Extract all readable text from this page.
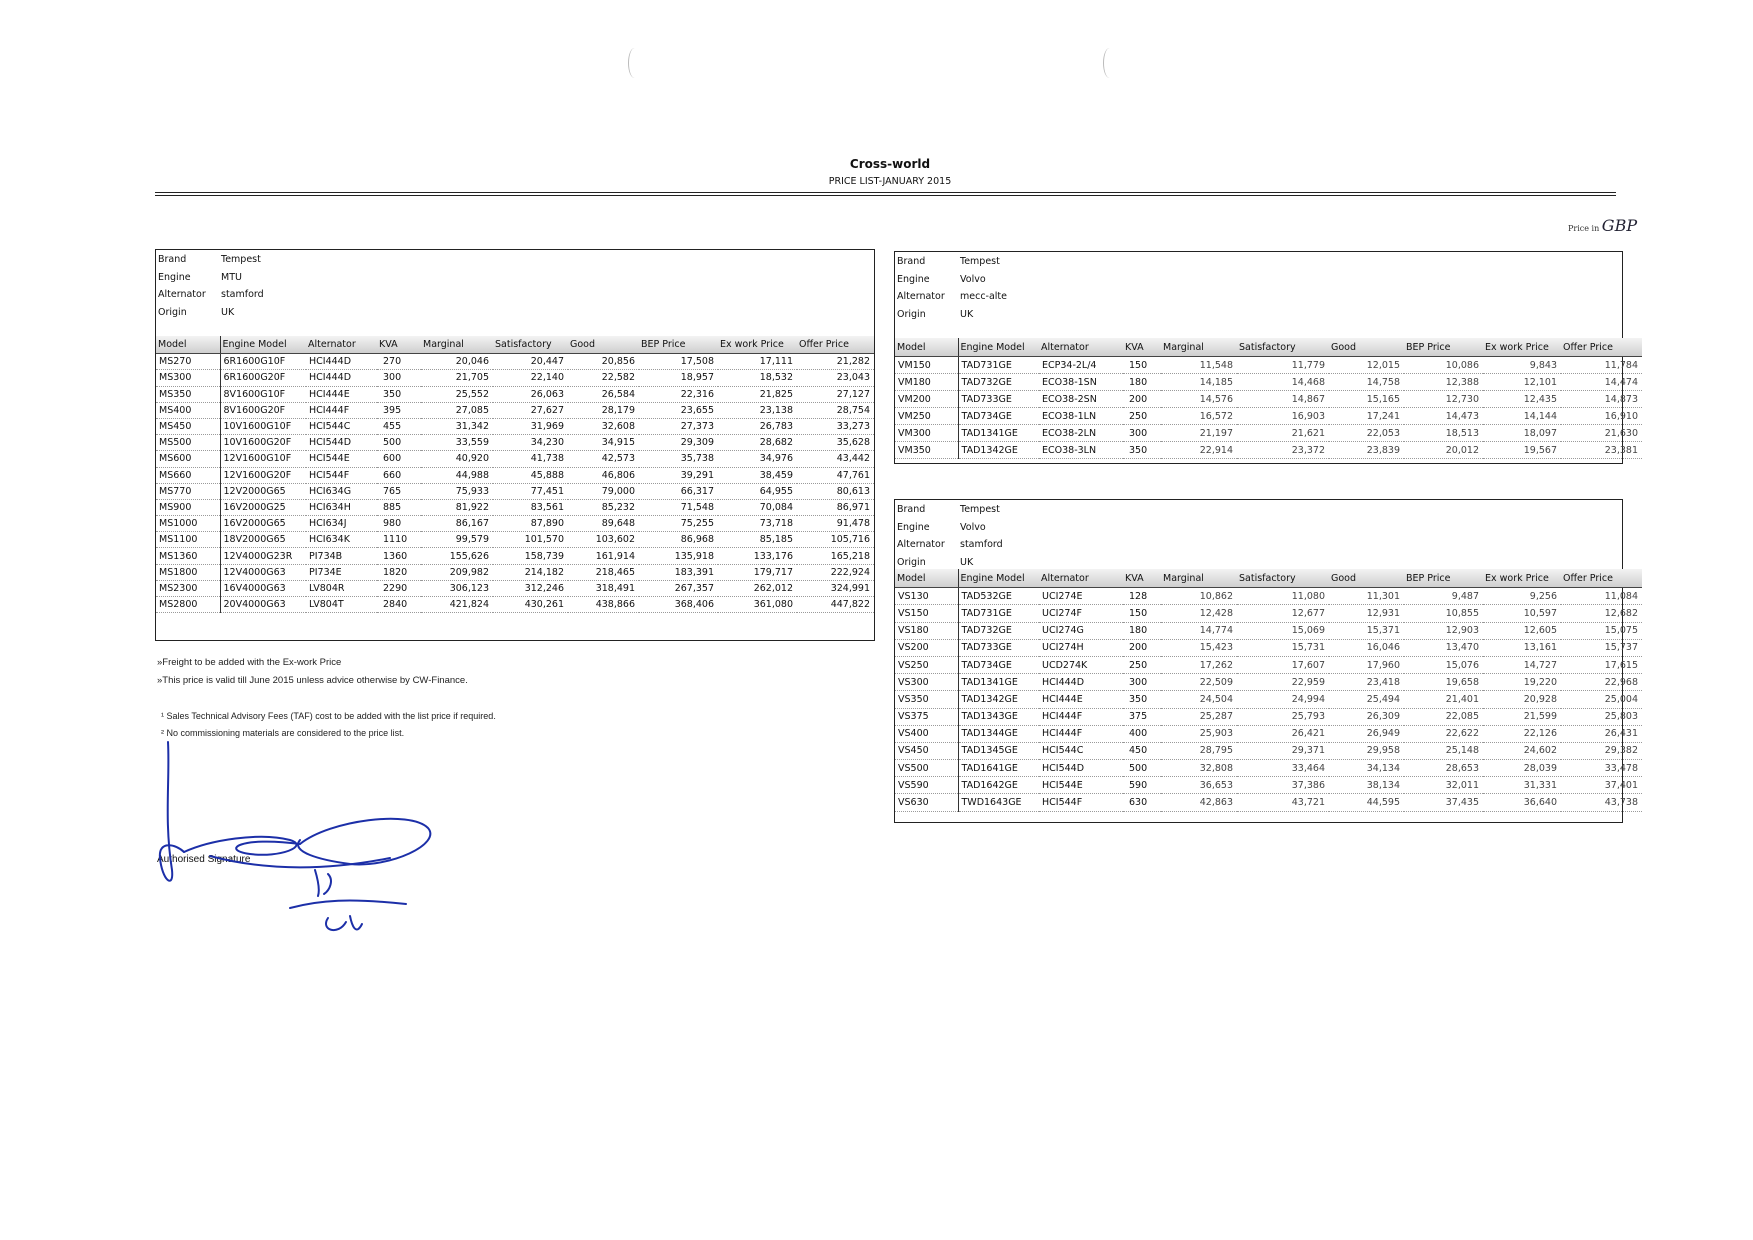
Cross-world
PRICE LIST-JANUARY 2015
Price in GBP
Brand	Tempest
Engine	MTU
Alternator	stamford
Origin	UK
Model	Engine Model	Alternator	KVA	Marginal	Satisfactory	Good	BEP Price	Ex work Price	Offer Price
MS270	6R1600G10F	HCI444D	270	20,046	20,447	20,856	17,508	17,111	21,282
MS300	6R1600G20F	HCI444D	300	21,705	22,140	22,582	18,957	18,532	23,043
MS350	8V1600G10F	HCI444E	350	25,552	26,063	26,584	22,316	21,825	27,127
MS400	8V1600G20F	HCI444F	395	27,085	27,627	28,179	23,655	23,138	28,754
MS450	10V1600G10F	HCI544C	455	31,342	31,969	32,608	27,373	26,783	33,273
MS500	10V1600G20F	HCI544D	500	33,559	34,230	34,915	29,309	28,682	35,628
MS600	12V1600G10F	HCI544E	600	40,920	41,738	42,573	35,738	34,976	43,442
MS660	12V1600G20F	HCI544F	660	44,988	45,888	46,806	39,291	38,459	47,761
MS770	12V2000G65	HCI634G	765	75,933	77,451	79,000	66,317	64,955	80,613
MS900	16V2000G25	HCI634H	885	81,922	83,561	85,232	71,548	70,084	86,971
MS1000	16V2000G65	HCI634J	980	86,167	87,890	89,648	75,255	73,718	91,478
MS1100	18V2000G65	HCI634K	1110	99,579	101,570	103,602	86,968	85,185	105,716
MS1360	12V4000G23R	PI734B	1360	155,626	158,739	161,914	135,918	133,176	165,218
MS1800	12V4000G63	PI734E	1820	209,982	214,182	218,465	183,391	179,717	222,924
MS2300	16V4000G63	LV804R	2290	306,123	312,246	318,491	267,357	262,012	324,991
MS2800	20V4000G63	LV804T	2840	421,824	430,261	438,866	368,406	361,080	447,822
Brand	Tempest
Engine	Volvo
Alternator	mecc-alte
Origin	UK
Model	Engine Model	Alternator	KVA	Marginal	Satisfactory	Good	BEP Price	Ex work Price	Offer Price
VM150	TAD731GE	ECP34-2L/4	150	11,548	11,779	12,015	10,086	9,843	11,784
VM180	TAD732GE	ECO38-1SN	180	14,185	14,468	14,758	12,388	12,101	14,474
VM200	TAD733GE	ECO38-2SN	200	14,576	14,867	15,165	12,730	12,435	14,873
VM250	TAD734GE	ECO38-1LN	250	16,572	16,903	17,241	14,473	14,144	16,910
VM300	TAD1341GE	ECO38-2LN	300	21,197	21,621	22,053	18,513	18,097	21,630
VM350	TAD1342GE	ECO38-3LN	350	22,914	23,372	23,839	20,012	19,567	23,381
Brand	Tempest
Engine	Volvo
Alternator	stamford
Origin	UK
Model	Engine Model	Alternator	KVA	Marginal	Satisfactory	Good	BEP Price	Ex work Price	Offer Price
VS130	TAD532GE	UCI274E	128	10,862	11,080	11,301	9,487	9,256	11,084
VS150	TAD731GE	UCI274F	150	12,428	12,677	12,931	10,855	10,597	12,682
VS180	TAD732GE	UCI274G	180	14,774	15,069	15,371	12,903	12,605	15,075
VS200	TAD733GE	UCI274H	200	15,423	15,731	16,046	13,470	13,161	15,737
VS250	TAD734GE	UCD274K	250	17,262	17,607	17,960	15,076	14,727	17,615
VS300	TAD1341GE	HCI444D	300	22,509	22,959	23,418	19,658	19,220	22,968
VS350	TAD1342GE	HCI444E	350	24,504	24,994	25,494	21,401	20,928	25,004
VS375	TAD1343GE	HCI444F	375	25,287	25,793	26,309	22,085	21,599	25,803
VS400	TAD1344GE	HCI444F	400	25,903	26,421	26,949	22,622	22,126	26,431
VS450	TAD1345GE	HCI544C	450	28,795	29,371	29,958	25,148	24,602	29,382
VS500	TAD1641GE	HCI544D	500	32,808	33,464	34,134	28,653	28,039	33,478
VS590	TAD1642GE	HCI544E	590	36,653	37,386	38,134	32,011	31,331	37,401
VS630	TWD1643GE	HCI544F	630	42,863	43,721	44,595	37,435	36,640	43,738
»Freight to be added with the Ex-work Price
»This price is valid till June 2015 unless advice otherwise by CW-Finance.
¹ Sales Technical Advisory Fees (TAF) cost to be added with the list price if required.
² No commissioning materials are considered to the price list.
Authorised Signature
